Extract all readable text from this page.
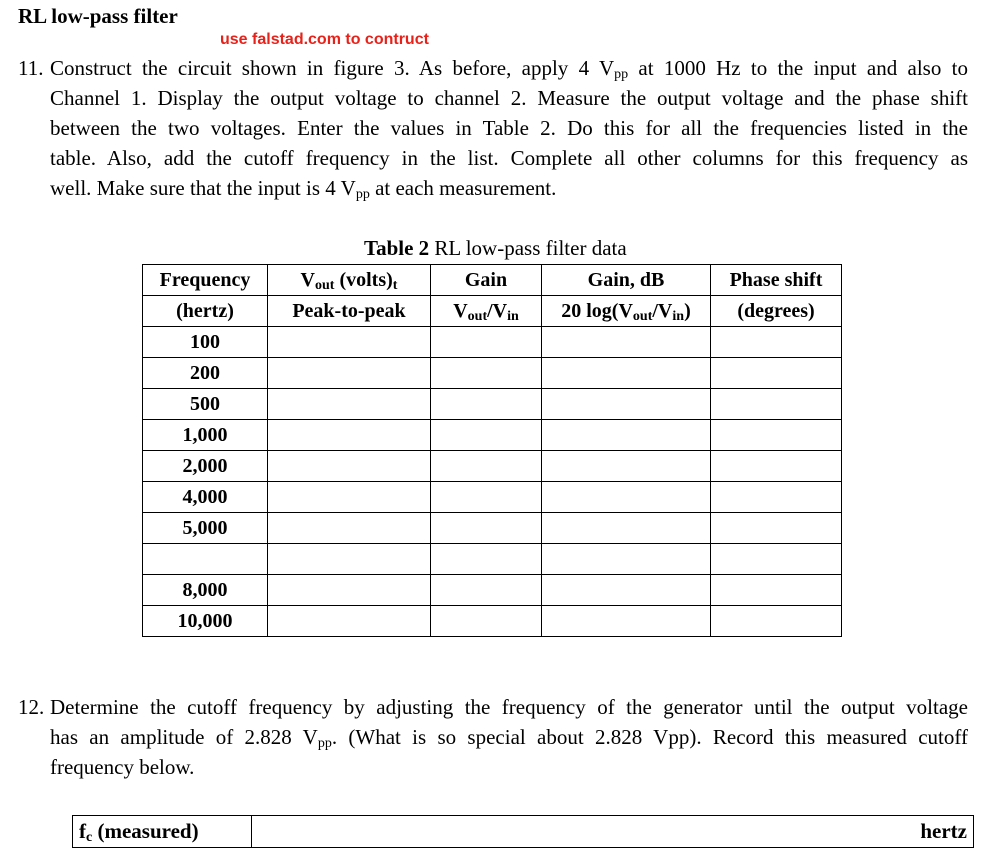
RL low-pass filter
use falstad.com to contruct
11. Construct the circuit shown in figure 3. As before, apply 4 $V_{pp}$ at 1000 Hz to the input and also to
Channel 1. Display the output voltage to channel 2. Measure the output voltage and the phase shift
between the two voltages. Enter the values in Table 2. Do this for all the frequencies listed in the
table. Also, add the cutoff frequency in the list. Complete all other columns for this frequency as
well. Make sure that the input is 4 $V_{pp}$ at each measurement.
Table 2 RL low-pass filter data
Frequency	$V_{out}$ $(volts)_t$	Gain	Gain, dB	Phase shift
(hertz)	Peak-to-peak	$V_{out}/V_{in}$	20 $\log(V_{out}/V_{in})$	(degrees)
100				
200				
500				
1,000				
2,000				
4,000				
5,000				

8,000				
10,000				
12. Determine the cutoff frequency by adjusting the frequency of the generator until the output voltage
has an amplitude of 2.828 $V_{pp}$. (What is so special about 2.828 Vpp). Record this measured cutoff
frequency below.
$f_c$ (measured)	hertz
